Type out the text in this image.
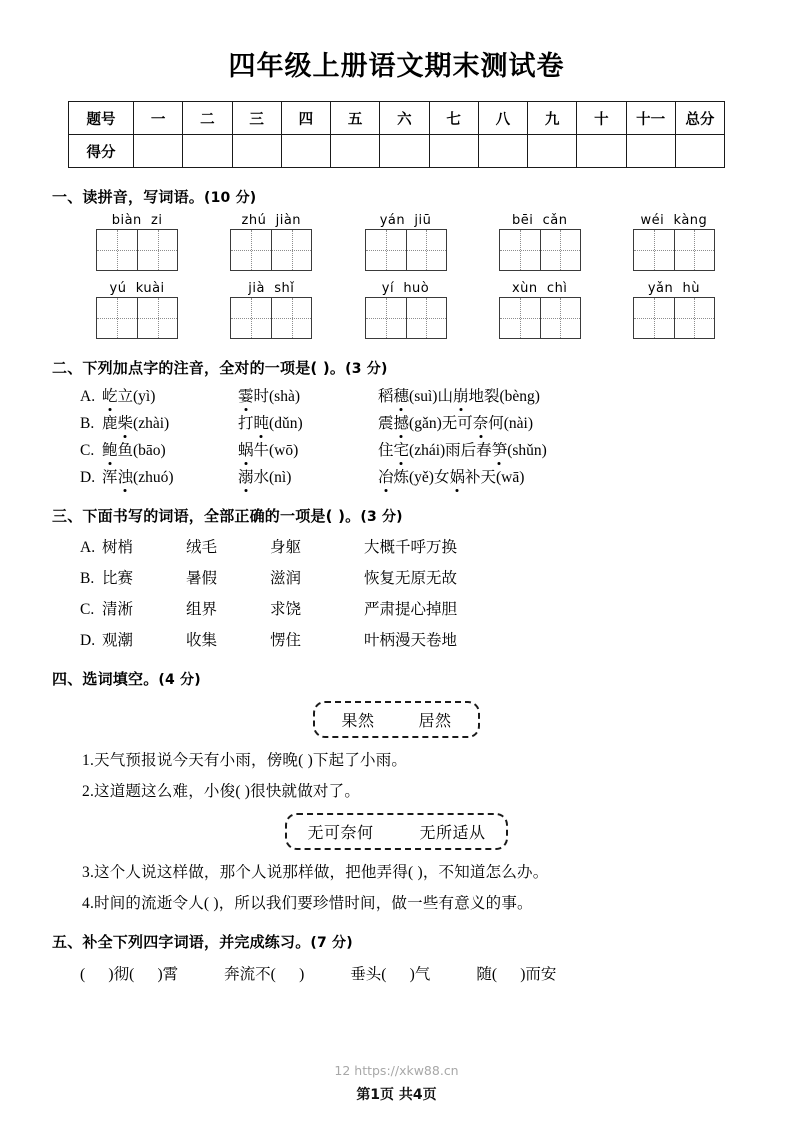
四年级上册语文期末测试卷
题号	一	二	三	四	五	六	七	八	九	十	十一	总分
得分												
一、读拼音，写词语。(10 分)
biàn  zi	zhú  jiàn	yán  jiū	bēi  cǎn	wéi  kàng
yú  kuài	jià  shǐ	yí  huò	xùn  chì	yǎn  hù
二、下列加点字的注音，全对的一项是( )。(3 分)
A. 屹立(yì)	霎时(shà)	稻穗(suì) 山崩地裂(bèng)
B. 鹿柴(zhài)	打盹(dǔn)	震撼(gǎn) 无可奈何(nài)
C. 鲍鱼(bāo)	蜗牛(wō)	住宅(zhái) 雨后春笋(shǔn)
D. 浑浊(zhuó)	溺水(nì)	冶炼(yě) 女娲补天(wā)
三、下面书写的词语，全部正确的一项是( )。(3 分)
A. 树梢	绒毛	身躯	大概 千呼万换
B. 比赛	暑假	滋润	恢复 无原无故
C. 清淅	组界	求饶	严肃 提心掉胆
D. 观潮	收集	愣住	叶柄 漫天卷地
四、选词填空。(4 分)
果然	居然
1.天气预报说今天有小雨，傍晚( )下起了小雨。
2.这道题这么难，小俊( )很快就做对了。
无可奈何	无所适从
3.这个人说这样做，那个人说那样做，把他弄得( )，不知道怎么办。
4.时间的流逝令人( )，所以我们要珍惜时间，做一些有意义的事。
五、补全下列四字词语，并完成练习。(7 分)
(      )彻(      )霄	奔流不(      )	垂头(      )气	随(      )而安
12 https://xkw88.cn
第1页 共4页
